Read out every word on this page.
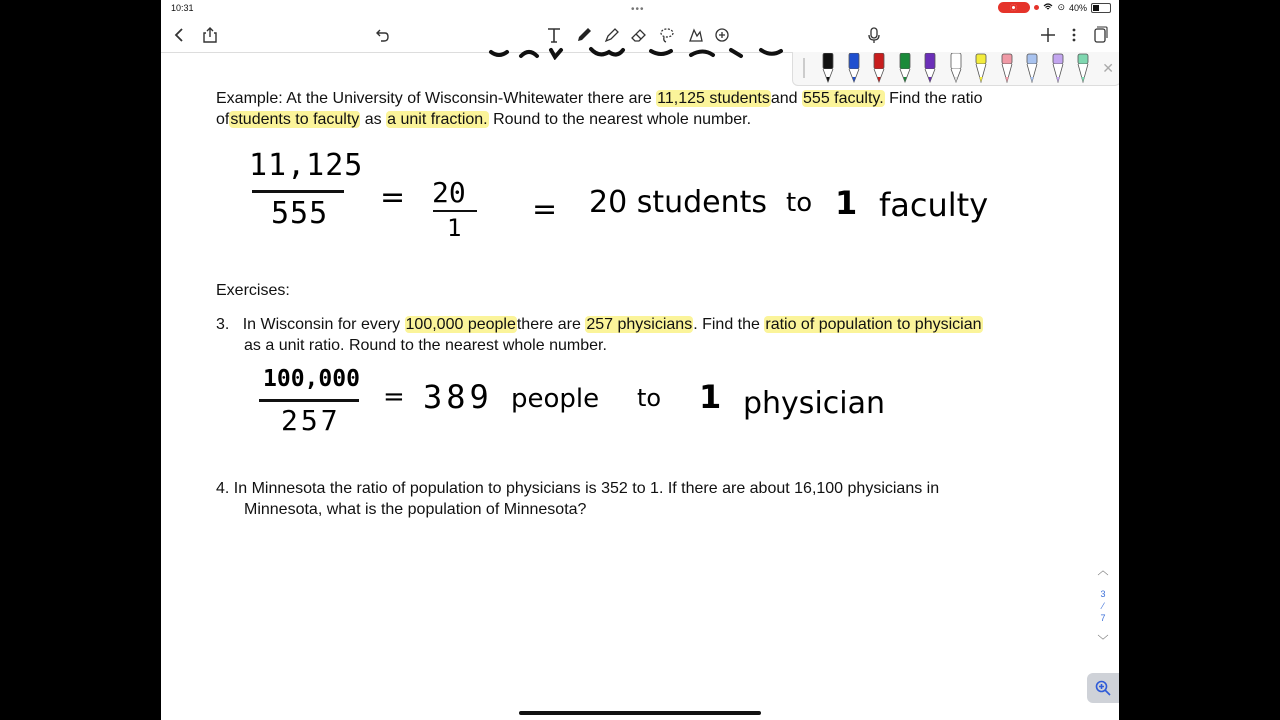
10:31	•••	⊙ 40%
Example: At the University of Wisconsin-Whitewater there are 11,125 studentsand 555 faculty. Find the ratio
ofstudents to faculty as a unit fraction. Round to the nearest whole number.
11,125
555 = 20
1
= 20 students to 1 faculty
Exercises:
3. In Wisconsin for every 100,000 peoplethere are 257 physicians. Find the ratio of population to physician
as a unit ratio. Round to the nearest whole number.
100,000
257
= 389 people to 1 physician
4. In Minnesota the ratio of population to physicians is 352 to 1. If there are about 16,100 physicians in
Minnesota, what is the population of Minnesota?
✕
︿
3
⁄
7
﹀
